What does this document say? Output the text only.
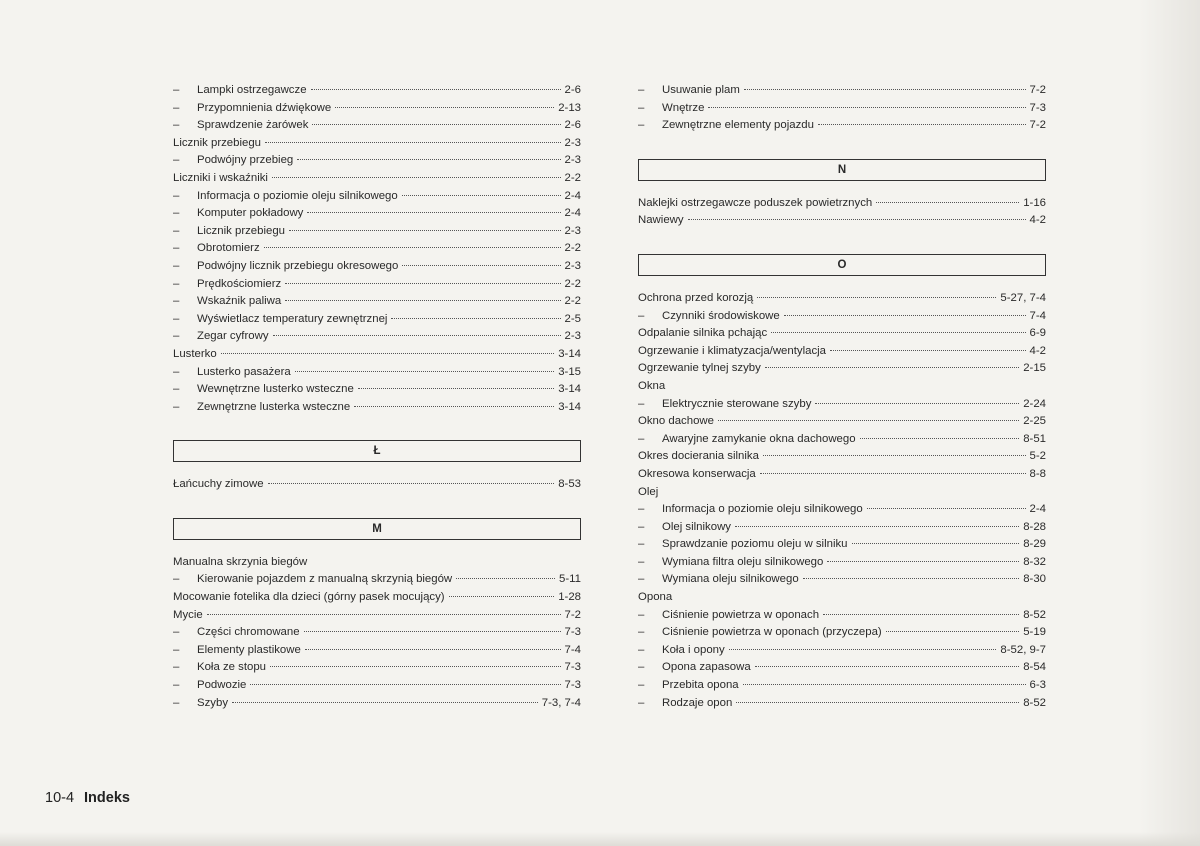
–	Lampki ostrzegawcze	2-6
–	Przypomnienia dźwiękowe	2-13
–	Sprawdzenie żarówek	2-6
Licznik przebiegu	2-3
–	Podwójny przebieg	2-3
Liczniki i wskaźniki	2-2
–	Informacja o poziomie oleju silnikowego	2-4
–	Komputer pokładowy	2-4
–	Licznik przebiegu	2-3
–	Obrotomierz	2-2
–	Podwójny licznik przebiegu okresowego	2-3
–	Prędkościomierz	2-2
–	Wskaźnik paliwa	2-2
–	Wyświetlacz temperatury zewnętrznej	2-5
–	Zegar cyfrowy	2-3
Lusterko	3-14
–	Lusterko pasażera	3-15
–	Wewnętrzne lusterko wsteczne	3-14
–	Zewnętrzne lusterka wsteczne	3-14
Ł
Łańcuchy zimowe	8-53
M
Manualna skrzynia biegów
–	Kierowanie pojazdem z manualną skrzynią biegów	5-11
Mocowanie fotelika dla dzieci (górny pasek mocujący)	1-28
Mycie	7-2
–	Części chromowane	7-3
–	Elementy plastikowe	7-4
–	Koła ze stopu	7-3
–	Podwozie	7-3
–	Szyby	7-3, 7-4
–	Usuwanie plam	7-2
–	Wnętrze	7-3
–	Zewnętrzne elementy pojazdu	7-2
N
Naklejki ostrzegawcze poduszek powietrznych	1-16
Nawiewy	4-2
O
Ochrona przed korozją	5-27, 7-4
–	Czynniki środowiskowe	7-4
Odpalanie silnika pchając	6-9
Ogrzewanie i klimatyzacja/wentylacja	4-2
Ogrzewanie tylnej szyby	2-15
Okna
–	Elektrycznie sterowane szyby	2-24
Okno dachowe	2-25
–	Awaryjne zamykanie okna dachowego	8-51
Okres docierania silnika	5-2
Okresowa konserwacja	8-8
Olej
–	Informacja o poziomie oleju silnikowego	2-4
–	Olej silnikowy	8-28
–	Sprawdzanie poziomu oleju w silniku	8-29
–	Wymiana filtra oleju silnikowego	8-32
–	Wymiana oleju silnikowego	8-30
Opona
–	Ciśnienie powietrza w oponach	8-52
–	Ciśnienie powietrza w oponach (przyczepa)	5-19
–	Koła i opony	8-52, 9-7
–	Opona zapasowa	8-54
–	Przebita opona	6-3
–	Rodzaje opon	8-52
10-4 Indeks
